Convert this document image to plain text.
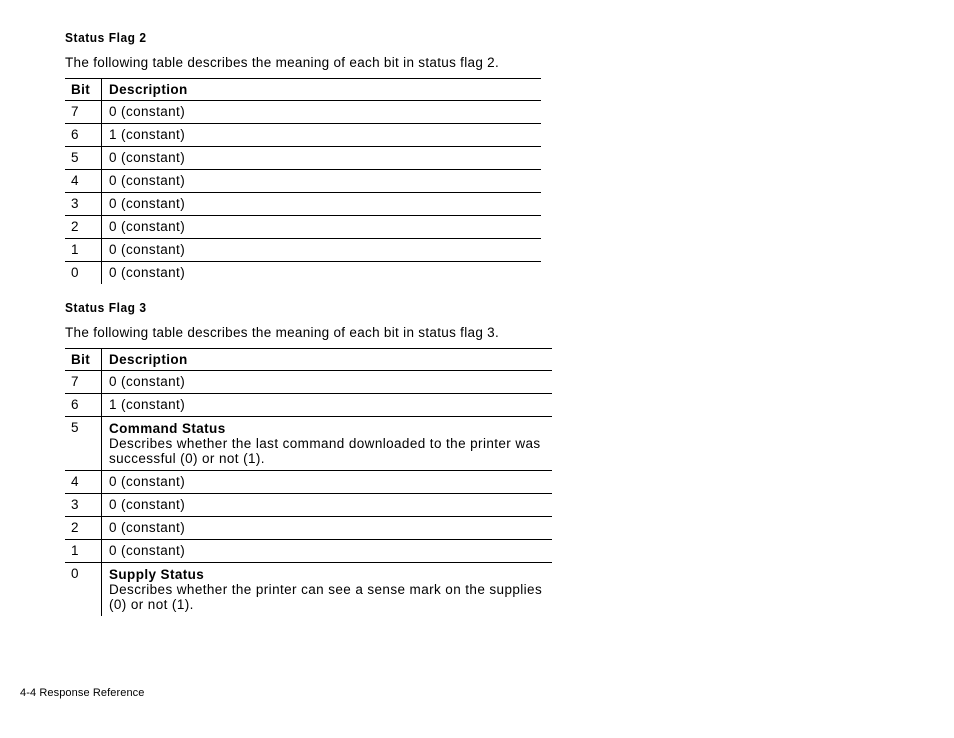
Status Flag 2

The following table describes the meaning of each bit in status flag 2.

Bit	Description
7	0 (constant)
6	1 (constant)
5	0 (constant)
4	0 (constant)
3	0 (constant)
2	0 (constant)
1	0 (constant)
0	0 (constant)
Status Flag 3

The following table describes the meaning of each bit in status flag 3.

Bit	Description
7	0 (constant)
6	1 (constant)
5	Command Status
Describes whether the last command downloaded to the printer was successful (0) or not (1).

4	0 (constant)
3	0 (constant)
2	0 (constant)
1	0 (constant)
0	Supply Status
Describes whether the printer can see a sense mark on the supplies (0) or not (1).
4-4 Response Reference
